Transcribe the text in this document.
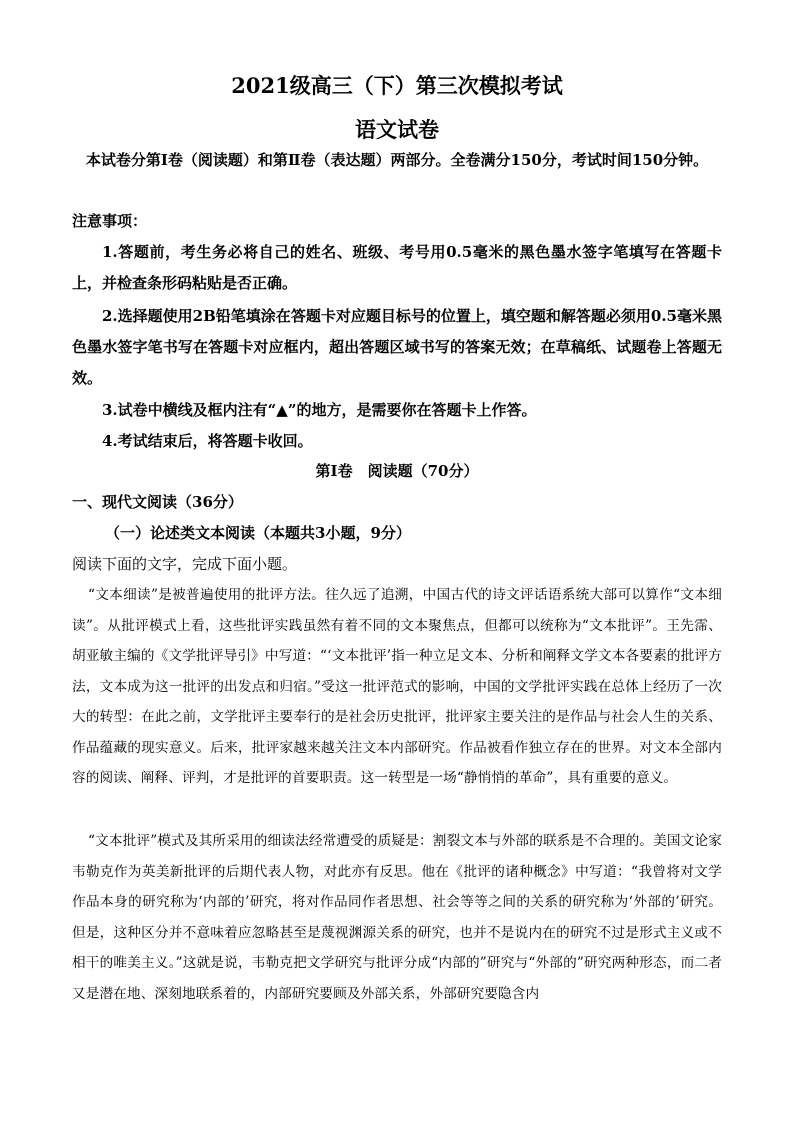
2021级高三（下）第三次模拟考试
语文试卷
本试卷分第Ⅰ卷（阅读题）和第Ⅱ卷（表达题）两部分。全卷满分150分，考试时间150分钟。
注意事项：
1.答题前，考生务必将自己的姓名、班级、考号用0.5毫米的黑色墨水签字笔填写在答题卡上，并检查条形码粘贴是否正确。
2.选择题使用2B铅笔填涂在答题卡对应题目标号的位置上，填空题和解答题必须用0.5毫米黑色墨水签字笔书写在答题卡对应框内，超出答题区域书写的答案无效；在草稿纸、试题卷上答题无效。
3.试卷中横线及框内注有“▲”的地方，是需要你在答题卡上作答。
4.考试结束后，将答题卡收回。
第Ⅰ卷　阅读题（70分）
一、现代文阅读（36分）
（一）论述类文本阅读（本题共3小题，9分）
阅读下面的文字，完成下面小题。

“文本细读”是被普遍使用的批评方法。往久远了追溯，中国古代的诗文评话语系统大部可以算作“文本细读”。从批评模式上看，这些批评实践虽然有着不同的文本聚焦点，但都可以统称为“文本批评”。王先霈、胡亚敏主编的《文学批评导引》中写道：“‘文本批评’指一种立足文本、分析和阐释文学文本各要素的批评方法，文本成为这一批评的出发点和归宿。”受这一批评范式的影响，中国的文学批评实践在总体上经历了一次大的转型：在此之前，文学批评主要奉行的是社会历史批评，批评家主要关注的是作品与社会人生的关系、作品蕴藏的现实意义。后来，批评家越来越关注文本内部研究。作品被看作独立存在的世界。对文本全部内容的阅读、阐释、评判，才是批评的首要职责。这一转型是一场“静悄悄的革命”，具有重要的意义。

“文本批评”模式及其所采用的细读法经常遭受的质疑是：割裂文本与外部的联系是不合理的。美国文论家韦勒克作为英美新批评的后期代表人物，对此亦有反思。他在《批评的诸种概念》中写道：“我曾将对文学作品本身的研究称为‘内部的’研究，将对作品同作者思想、社会等等之间的关系的研究称为‘外部的’研究。但是，这种区分并不意味着应忽略甚至是蔑视渊源关系的研究，也并不是说内在的研究不过是形式主义或不相干的唯美主义。”这就是说，韦勒克把文学研究与批评分成“内部的”研究与“外部的”研究两种形态，而二者又是潜在地、深刻地联系着的，内部研究要顾及外部关系，外部研究要隐含内
